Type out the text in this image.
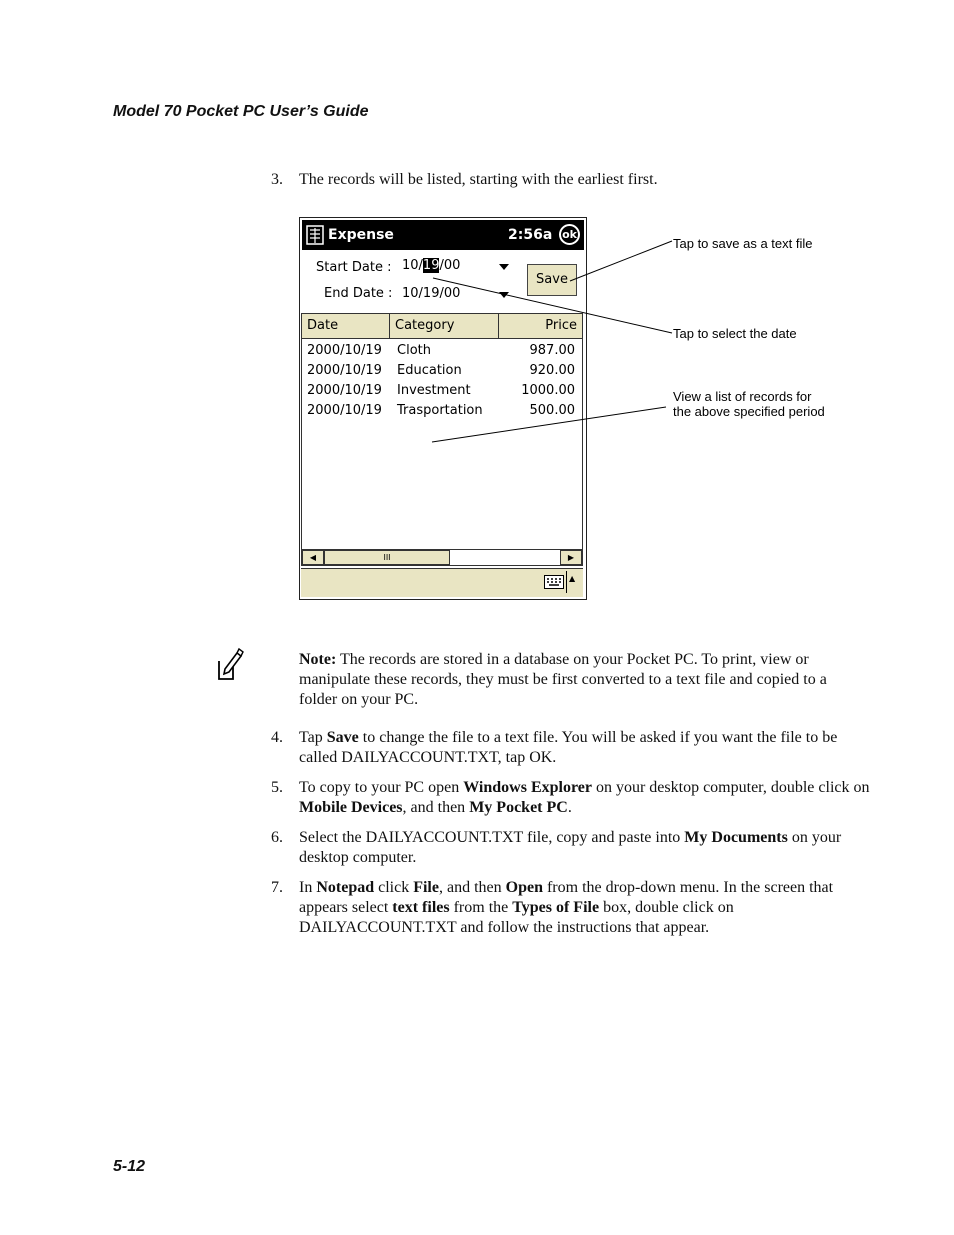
Model 70 Pocket PC User’s Guide
3.	The records will be listed, starting with the earliest first.
Expense	2:56a ok
Start Date : 10/19/00
End Date : 10/19/00
Save
Date	Category	Price
2000/10/19 Cloth	987.00
2000/10/19 Education	920.00
2000/10/19 Investment	1000.00
2000/10/19 Trasportation	500.00
◀	III	▶
▲
Tap to save as a text file
Tap to select the date
View a list of records for
the above specified period
Note: The records are stored in a database on your Pocket PC. To print, view or
manipulate these records, they must be first converted to a text file and copied to a
folder on your PC.
4.	Tap Save to change the file to a text file. You will be asked if you want the file to be called DAILYACCOUNT.TXT, tap OK.
5.	To copy to your PC open Windows Explorer on your desktop computer, double click on Mobile Devices, and then My Pocket PC.
6.	Select the DAILYACCOUNT.TXT file, copy and paste into My Documents on your desktop computer.
7.	In Notepad click File, and then Open from the drop-down menu. In the screen that appears select text files from the Types of File box, double click on DAILYACCOUNT.TXT and follow the instructions that appear.
5-12
